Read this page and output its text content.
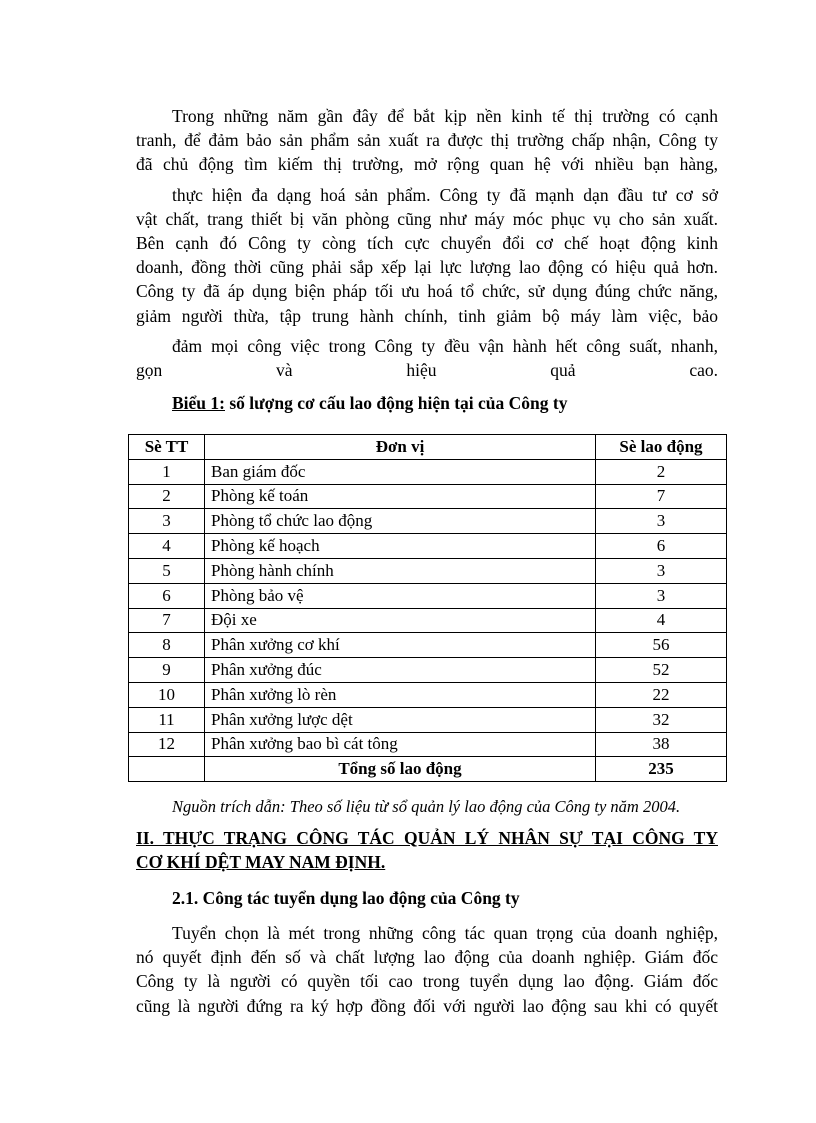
Trong những năm gần đây để bắt kịp nền kinh tế thị trường có cạnh
tranh, để đảm bảo sản phẩm sản xuất ra được thị trường chấp nhận, Công ty
đã chủ động tìm kiếm thị trường, mở rộng quan hệ với nhiều bạn hàng,

thực hiện đa dạng hoá sản phẩm. Công ty đã mạnh dạn đầu tư cơ sở
vật chất, trang thiết bị văn phòng cũng như máy móc phục vụ cho sản xuất.
Bên cạnh đó Công ty còng tích cực chuyển đổi cơ chế hoạt động kinh
doanh, đồng thời cũng phải sắp xếp lại lực lượng lao động có hiệu quả hơn.
Công ty đã áp dụng biện pháp tối ưu hoá tổ chức, sử dụng đúng chức năng,
giảm người thừa, tập trung hành chính, tinh giảm bộ máy làm việc, bảo

đảm mọi công việc trong Công ty đều vận hành hết công suất, nhanh,
gọn và hiệu quả cao.

Biểu 1: số lượng cơ cấu lao động hiện tại của Công ty
Sè TT	Đơn vị	Sè lao động
1	Ban giám đốc	2
2	Phòng kế toán	7
3	Phòng tổ chức lao động	3
4	Phòng kế hoạch	6
5	Phòng hành chính	3
6	Phòng bảo vệ	3
7	Đội xe	4
8	Phân xưởng cơ khí	56
9	Phân xưởng đúc	52
10	Phân xưởng lò rèn	22
11	Phân xưởng lược dệt	32
12	Phân xưởng bao bì cát tông	38
	Tổng số lao động	235
Nguồn trích dẫn: Theo số liệu từ sổ quản lý lao động của Công ty năm 2004.
II. THỰC TRẠNG CÔNG TÁC QUẢN LÝ NHÂN SỰ TẠI CÔNG TY
CƠ KHÍ DỆT MAY NAM ĐỊNH.
2.1. Công tác tuyển dụng lao động của Công ty

Tuyển chọn là mét trong những công tác quan trọng của doanh nghiệp,
nó quyết định đến số và chất lượng lao động của doanh nghiệp. Giám đốc
Công ty là người có quyền tối cao trong tuyển dụng lao động. Giám đốc
cũng là người đứng ra ký hợp đồng đối với người lao động sau khi có quyết
